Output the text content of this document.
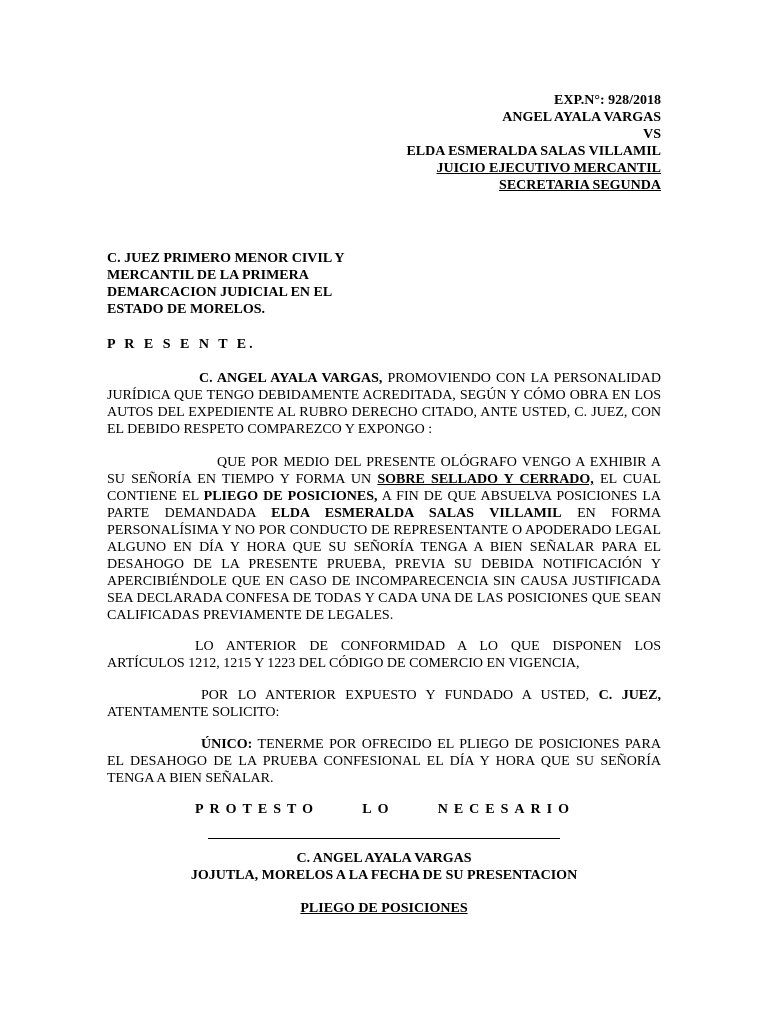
EXP.N°: 928/2018
ANGEL AYALA VARGAS
VS
ELDA ESMERALDA SALAS VILLAMIL
JUICIO EJECUTIVO MERCANTIL
SECRETARIA SEGUNDA
C. JUEZ PRIMERO MENOR CIVIL Y
MERCANTIL DE LA PRIMERA
DEMARCACION JUDICIAL EN EL
ESTADO DE MORELOS.
P R E S E N T E.

C. ANGEL AYALA VARGAS, PROMOVIENDO CON LA PERSONALIDAD JURÍDICA QUE TENGO DEBIDAMENTE ACREDITADA, SEGÚN Y CÓMO OBRA EN LOS AUTOS DEL EXPEDIENTE AL RUBRO DERECHO CITADO, ANTE USTED, C. JUEZ, CON EL DEBIDO RESPETO COMPAREZCO Y EXPONGO :

QUE POR MEDIO DEL PRESENTE OLÓGRAFO VENGO A EXHIBIR A SU SEÑORÍA EN TIEMPO Y FORMA UN SOBRE SELLADO Y CERRADO, EL CUAL CONTIENE EL PLIEGO DE POSICIONES, A FIN DE QUE ABSUELVA POSICIONES LA PARTE DEMANDADA ELDA ESMERALDA SALAS VILLAMIL EN FORMA PERSONALÍSIMA Y NO POR CONDUCTO DE REPRESENTANTE O APODERADO LEGAL ALGUNO EN DÍA Y HORA QUE SU SEÑORÍA TENGA A BIEN SEÑALAR PARA EL DESAHOGO DE LA PRESENTE PRUEBA, PREVIA SU DEBIDA NOTIFICACIÓN Y APERCIBIÉNDOLE QUE EN CASO DE INCOMPARECENCIA SIN CAUSA JUSTIFICADA SEA DECLARADA CONFESA DE TODAS Y CADA UNA DE LAS POSICIONES QUE SEAN CALIFICADAS PREVIAMENTE DE LEGALES.

LO ANTERIOR DE CONFORMIDAD A LO QUE DISPONEN LOS ARTÍCULOS 1212, 1215 Y 1223 DEL CÓDIGO DE COMERCIO EN VIGENCIA,

POR LO ANTERIOR EXPUESTO Y FUNDADO A USTED, C. JUEZ, ATENTAMENTE SOLICITO:

ÚNICO: TENERME POR OFRECIDO EL PLIEGO DE POSICIONES PARA EL DESAHOGO DE LA PRUEBA CONFESIONAL EL DÍA Y HORA QUE SU SEÑORÍA TENGA A BIEN SEÑALAR.

PROTESTO	LO	NECESARIO
C. ANGEL AYALA VARGAS
JOJUTLA, MORELOS A LA FECHA DE SU PRESENTACION
PLIEGO DE POSICIONES
